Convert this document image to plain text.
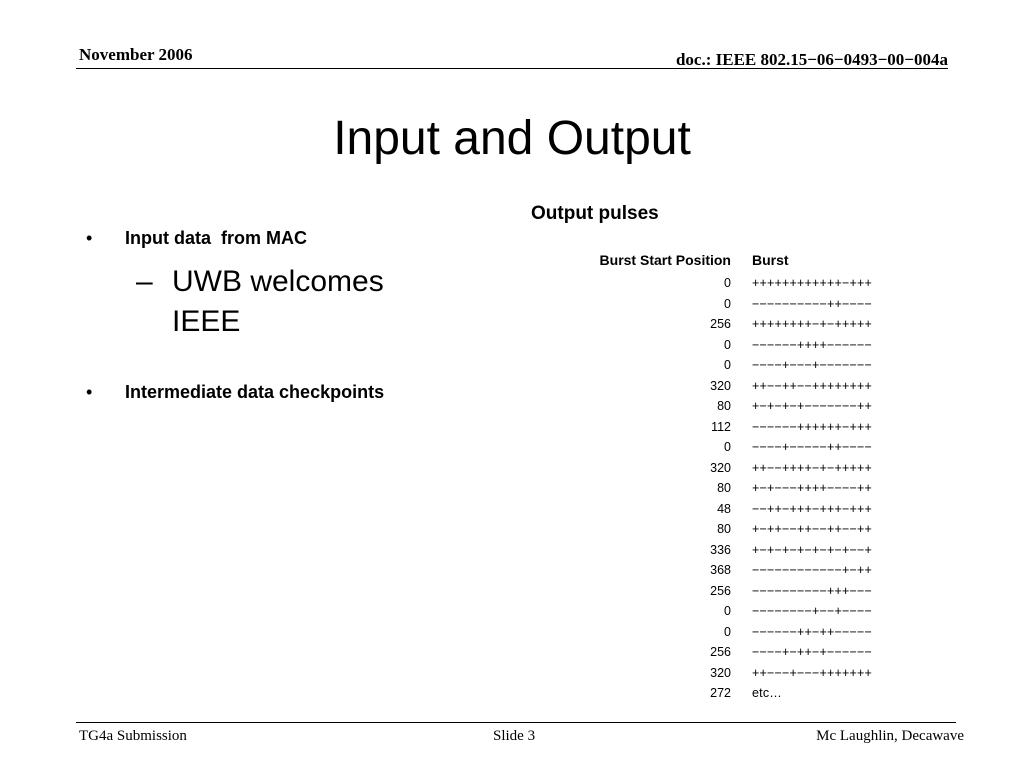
November 2006	doc.: IEEE 802.15−06−0493−00−004a
Input and Output
• Input data  from MAC
– UWB welcomes IEEE
• Intermediate data checkpoints
Output pulses
Burst Start Position Burst
0 ++++++++++++−+++
0 −−−−−−−−−−++−−−−
256 ++++++++−+−+++++
0 −−−−−−++++−−−−−−
0 −−−−+−−−+−−−−−−−
320 ++−−++−−++++++++
80 +−+−+−+−−−−−−−++
112 −−−−−−++++++−+++
0 −−−−+−−−−−++−−−−
320 ++−−++++−+−+++++
80 +−+−−−++++−−−−++
48 −−++−+++−+++−+++
80 +−++−−++−−++−−++
336 +−+−+−+−+−+−+−−+
368 −−−−−−−−−−−−+−++
256 −−−−−−−−−−+++−−−
0 −−−−−−−−+−−+−−−−
0 −−−−−−++−++−−−−−
256 −−−−+−++−+−−−−−−
320 ++−−−+−−−+++++++
272 etc…
TG4a Submission	Slide 3	Mc Laughlin, Decawave
